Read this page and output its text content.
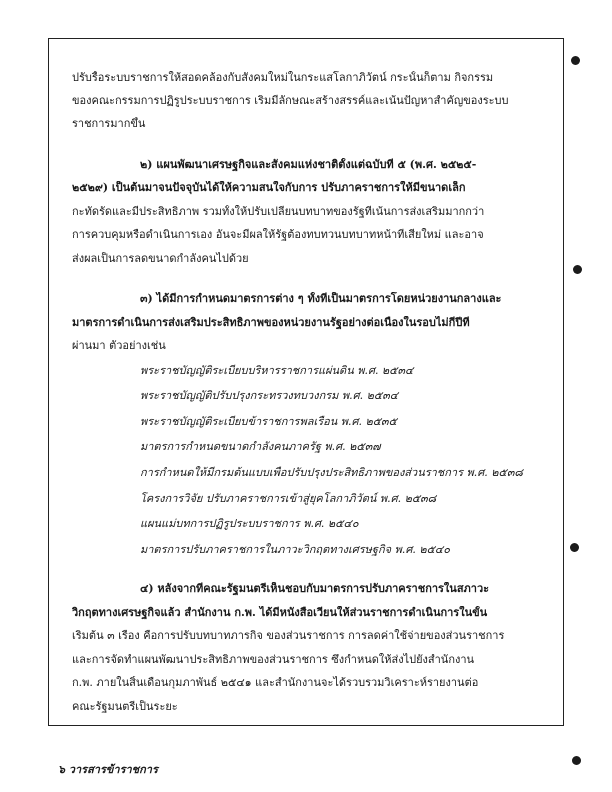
ปรับรื้อระบบราชการให้สอดคล้องกับสังคมใหม่ในกระแสโลกาภิวัตน์ กระนั้นก็ตาม กิจกรรม
ของคณะกรรมการปฏิรูประบบราชการ เริ่มมีลักษณะสร้างสรรค์และเน้นปัญหาสำคัญของระบบ
ราชการมากขึ้น
๒) แผนพัฒนาเศรษฐกิจและสังคมแห่งชาติตั้งแต่ฉบับที่ ๕ (พ.ศ. ๒๕๒๕-
๒๕๒๙) เป็นต้นมาจนปัจจุบันได้ให้ความสนใจกับการ ปรับภาคราชการให้มีขนาดเล็ก
กะทัดรัดและมีประสิทธิภาพ รวมทั้งให้ปรับเปลี่ยนบทบาทของรัฐที่เน้นการส่งเสริมมากกว่า
การควบคุมหรือดำเนินการเอง อันจะมีผลให้รัฐต้องทบทวนบทบาทหน้าที่เสียใหม่ และอาจ
ส่งผลเป็นการลดขนาดกำลังคนไปด้วย
๓) ได้มีการกำหนดมาตรการต่าง ๆ ทั้งที่เป็นมาตรการโดยหน่วยงานกลางและ
มาตรการดำเนินการส่งเสริมประสิทธิภาพของหน่วยงานรัฐอย่างต่อเนื่องในรอบไม่กี่ปีที่
ผ่านมา ตัวอย่างเช่น
พระราชบัญญัติระเบียบบริหารราชการแผ่นดิน พ.ศ. ๒๕๓๔
พระราชบัญญัติปรับปรุงกระทรวงทบวงกรม พ.ศ. ๒๕๓๔
พระราชบัญญัติระเบียบข้าราชการพลเรือน พ.ศ. ๒๕๓๕
มาตรการกำหนดขนาดกำลังคนภาครัฐ พ.ศ. ๒๕๓๗
การกำหนดให้มีกรมต้นแบบเพื่อปรับปรุงประสิทธิภาพของส่วนราชการ พ.ศ. ๒๕๓๘
โครงการวิจัย ปรับภาคราชการเข้าสู่ยุคโลกาภิวัตน์ พ.ศ. ๒๕๓๘
แผนแม่บทการปฏิรูประบบราชการ พ.ศ. ๒๕๔๐
มาตรการปรับภาคราชการในภาวะวิกฤตทางเศรษฐกิจ พ.ศ. ๒๕๔๐
๔) หลังจากที่คณะรัฐมนตรีเห็นชอบกับมาตรการปรับภาคราชการในสภาวะ
วิกฤตทางเศรษฐกิจแล้ว สำนักงาน ก.พ. ได้มีหนังสือเวียนให้ส่วนราชการดำเนินการในขั้น
เริ่มต้น ๓ เรื่อง คือการปรับบทบาทภารกิจ ของส่วนราชการ การลดค่าใช้จ่ายของส่วนราชการ
และการจัดทำแผนพัฒนาประสิทธิภาพของส่วนราชการ ซึ่งกำหนดให้ส่งไปยังสำนักงาน
ก.พ. ภายในสิ้นเดือนกุมภาพันธ์ ๒๕๔๑ และสำนักงานจะได้รวบรวมวิเคราะห์รายงานต่อ
คณะรัฐมนตรีเป็นระยะ
๖ วารสารข้าราชการ
